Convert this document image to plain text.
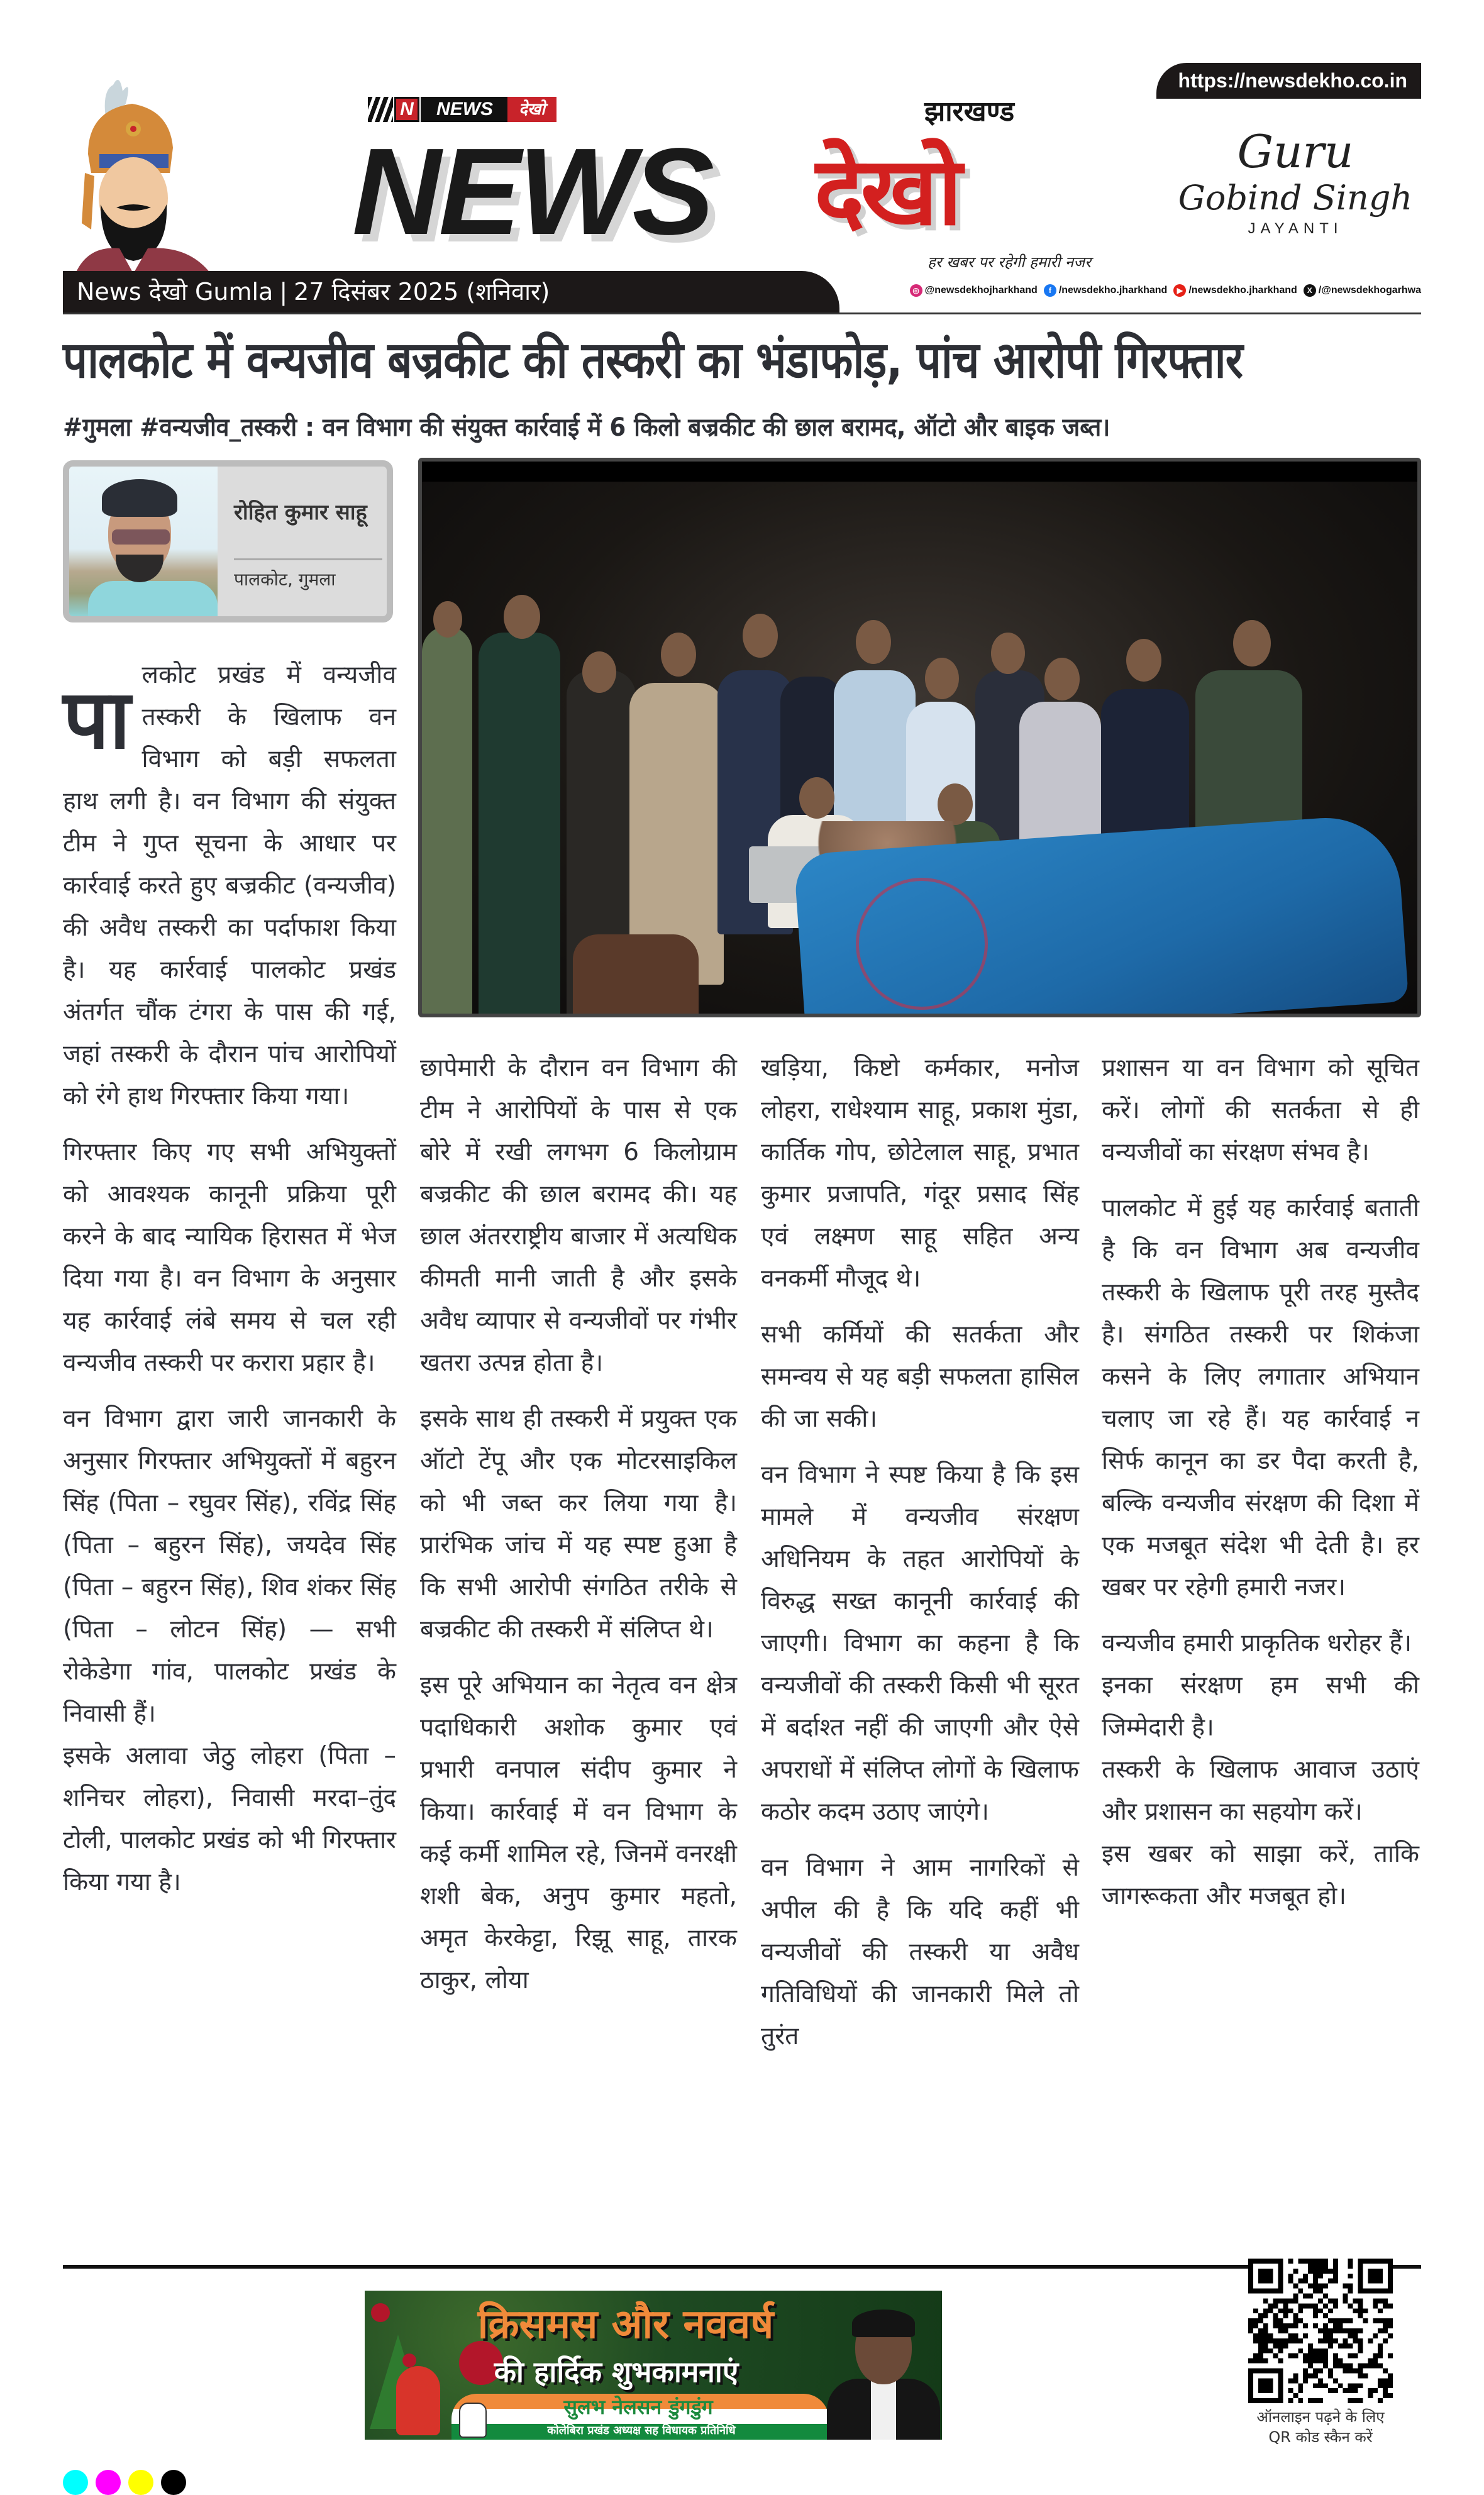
N	NEWS	देखो
NEWS
झारखण्ड
देखो
हर खबर पर रहेगी हमारी नजर
https://newsdekho.co.in
Guru
Gobind Singh
JAYANTI
◎ @newsdekhojharkhand	f /newsdekho.jharkhand	▶ /newsdekho.jharkhand	X /@newsdekhogarhwa
News देखो Gumla | 27 दिसंबर 2025 (शनिवार)
पालकोट में वन्यजीव बज्रकीट की तस्करी का भंडाफोड़, पांच आरोपी गिरफ्तार
#गुमला #वन्यजीव_तस्करी : वन विभाग की संयुक्त कार्रवाई में 6 किलो बज्रकीट की छाल बरामद, ऑटो और बाइक जब्त।
रोहित कुमार साहू
पालकोट, गुमला

पालकोट प्रखंड में वन्यजीव तस्करी के खिलाफ वन विभाग को बड़ी सफलता हाथ लगी है। वन विभाग की संयुक्त टीम ने गुप्त सूचना के आधार पर कार्रवाई करते हुए बज्रकीट (वन्यजीव) की अवैध तस्करी का पर्दाफाश किया है। यह कार्रवाई पालकोट प्रखंड अंतर्गत चौंक टंगरा के पास की गई, जहां तस्करी के दौरान पांच आरोपियों को रंगे हाथ गिरफ्तार किया गया।

गिरफ्तार किए गए सभी अभियुक्तों को आवश्यक कानूनी प्रक्रिया पूरी करने के बाद न्यायिक हिरासत में भेज दिया गया है। वन विभाग के अनुसार यह कार्रवाई लंबे समय से चल रही वन्यजीव तस्करी पर करारा प्रहार है।

वन विभाग द्वारा जारी जानकारी के अनुसार गिरफ्तार अभियुक्तों में बहुरन सिंह (पिता – रघुवर सिंह), रविंद्र सिंह (पिता – बहुरन सिंह), जयदेव सिंह (पिता – बहुरन सिंह), शिव शंकर सिंह (पिता – लोटन सिंह) — सभी रोकेडेगा गांव, पालकोट प्रखंड के निवासी हैं।

इसके अलावा जेठु लोहरा (पिता – शनिचर लोहरा), निवासी मरदा–तुंद टोली, पालकोट प्रखंड को भी गिरफ्तार किया गया है।

छापेमारी के दौरान वन विभाग की टीम ने आरोपियों के पास से एक बोरे में रखी लगभग 6 किलोग्राम बज्रकीट की छाल बरामद की। यह छाल अंतरराष्ट्रीय बाजार में अत्यधिक कीमती मानी जाती है और इसके अवैध व्यापार से वन्यजीवों पर गंभीर खतरा उत्पन्न होता है।

इसके साथ ही तस्करी में प्रयुक्त एक ऑटो टेंपू और एक मोटरसाइकिल को भी जब्त कर लिया गया है। प्रारंभिक जांच में यह स्पष्ट हुआ है कि सभी आरोपी संगठित तरीके से बज्रकीट की तस्करी में संलिप्त थे।

इस पूरे अभियान का नेतृत्व वन क्षेत्र पदाधिकारी अशोक कुमार एवं प्रभारी वनपाल संदीप कुमार ने किया। कार्रवाई में वन विभाग के कई कर्मी शामिल रहे, जिनमें वनरक्षी शशी बेक, अनुप कुमार महतो, अमृत केरकेट्टा, रिझू साहू, तारक ठाकुर, लोया

खड़िया, किष्टो कर्मकार, मनोज लोहरा, राधेश्याम साहू, प्रकाश मुंडा, कार्तिक गोप, छोटेलाल साहू, प्रभात कुमार प्रजापति, गंदूर प्रसाद सिंह एवं लक्ष्मण साहू सहित अन्य वनकर्मी मौजूद थे।

सभी कर्मियों की सतर्कता और समन्वय से यह बड़ी सफलता हासिल की जा सकी।

वन विभाग ने स्पष्ट किया है कि इस मामले में वन्यजीव संरक्षण अधिनियम के तहत आरोपियों के विरुद्ध सख्त कानूनी कार्रवाई की जाएगी। विभाग का कहना है कि वन्यजीवों की तस्करी किसी भी सूरत में बर्दाश्त नहीं की जाएगी और ऐसे अपराधों में संलिप्त लोगों के खिलाफ कठोर कदम उठाए जाएंगे।

वन विभाग ने आम नागरिकों से अपील की है कि यदि कहीं भी वन्यजीवों की तस्करी या अवैध गतिविधियों की जानकारी मिले तो तुरंत

प्रशासन या वन विभाग को सूचित करें। लोगों की सतर्कता से ही वन्यजीवों का संरक्षण संभव है।

पालकोट में हुई यह कार्रवाई बताती है कि वन विभाग अब वन्यजीव तस्करी के खिलाफ पूरी तरह मुस्तैद है। संगठित तस्करी पर शिकंजा कसने के लिए लगातार अभियान चलाए जा रहे हैं। यह कार्रवाई न सिर्फ कानून का डर पैदा करती है, बल्कि वन्यजीव संरक्षण की दिशा में एक मजबूत संदेश भी देती है। हर खबर पर रहेगी हमारी नजर।

वन्यजीव हमारी प्राकृतिक धरोहर हैं।

इनका संरक्षण हम सभी की जिम्मेदारी है।

तस्करी के खिलाफ आवाज उठाएं और प्रशासन का सहयोग करें।

इस खबर को साझा करें, ताकि जागरूकता और मजबूत हो।

क्रिसमस और नववर्ष
की हार्दिक शुभकामनाएं
सुलभ नेलसन डुंगडुंग
कोलेबिरा प्रखंड अध्यक्ष सह विधायक प्रतिनिधि
ऑनलाइन पढ़ने के लिए
QR कोड स्कैन करें
